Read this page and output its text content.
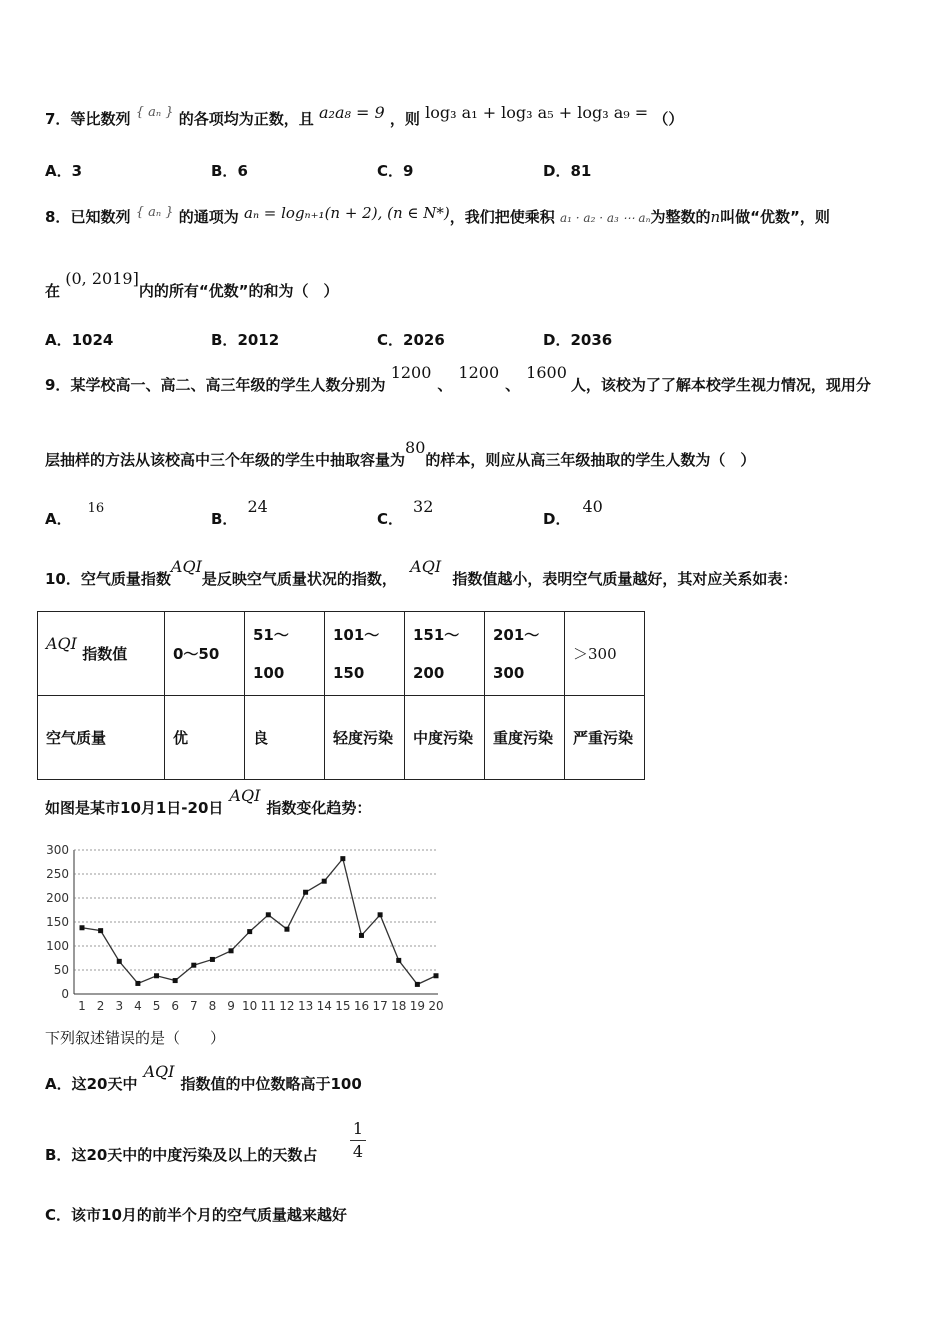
7．等比数列 { aₙ } 的各项均为正数，且 a₂a₈ = 9 ，则 log₃ a₁ + log₃ a₅ + log₃ a₉ = （）
A．3	B．6	C．9	D．81
8．已知数列 { aₙ } 的通项为 aₙ = logₙ₊₁(n + 2), (n ∈ N*)，我们把使乘积 a₁ · a₂ · a₃ ⋯ aₙ为整数的n叫做“优数”，则
在 (0, 2019]内的所有“优数”的和为（　）
A．1024	B．2012	C．2026	D．2036
9．某学校高一、高二、高三年级的学生人数分别为 1200、1200、1600人，该校为了了解本校学生视力情况，现用分
层抽样的方法从该校高中三个年级的学生中抽取容量为80的样本，则应从高三年级抽取的学生人数为（　）
A．16
B．24
C．32
D．40
10．空气质量指数AQI是反映空气质量状况的指数， AQI 指数值越小，表明空气质量越好，其对应关系如表：
AQI 指数值	0～50	51～100	101～150	151～200	201～300	＞300
空气质量	优	良	轻度污染	中度污染	重度污染	严重污染
如图是某市10月1日-20日AQI指数变化趋势：
0
50
100
150
200
250
300
1 2 3 4 5 6 7 8 9 10 11 12 13 14 15 16 17 18 19 20
下列叙述错误的是（　　）
A．这20天中AQI指数值的中位数略高于100
B．这20天中的中度污染及以上的天数占
1
4
C．该市10月的前半个月的空气质量越来越好
